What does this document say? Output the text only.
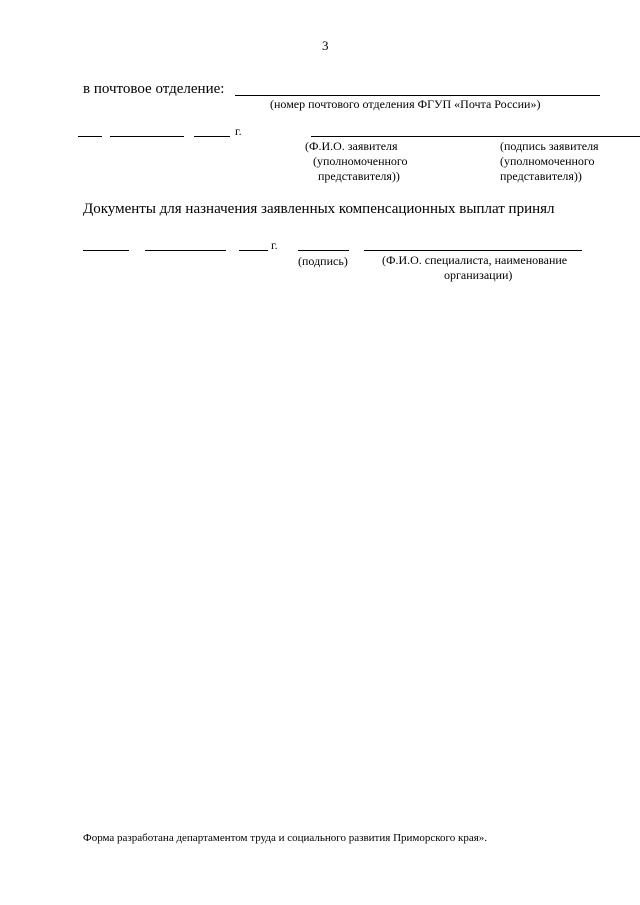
3
в почтовое отделение:
(номер почтового отделения ФГУП «Почта России»)
г.
(Ф.И.О. заявителя
(уполномоченного
представителя))
(подпись заявителя
(уполномоченного
представителя))
Документы для назначения заявленных компенсационных выплат принял
г.
(подпись)	(Ф.И.О. специалиста, наименование
организации)
Форма разработана департаментом труда и социального развития Приморского края».
